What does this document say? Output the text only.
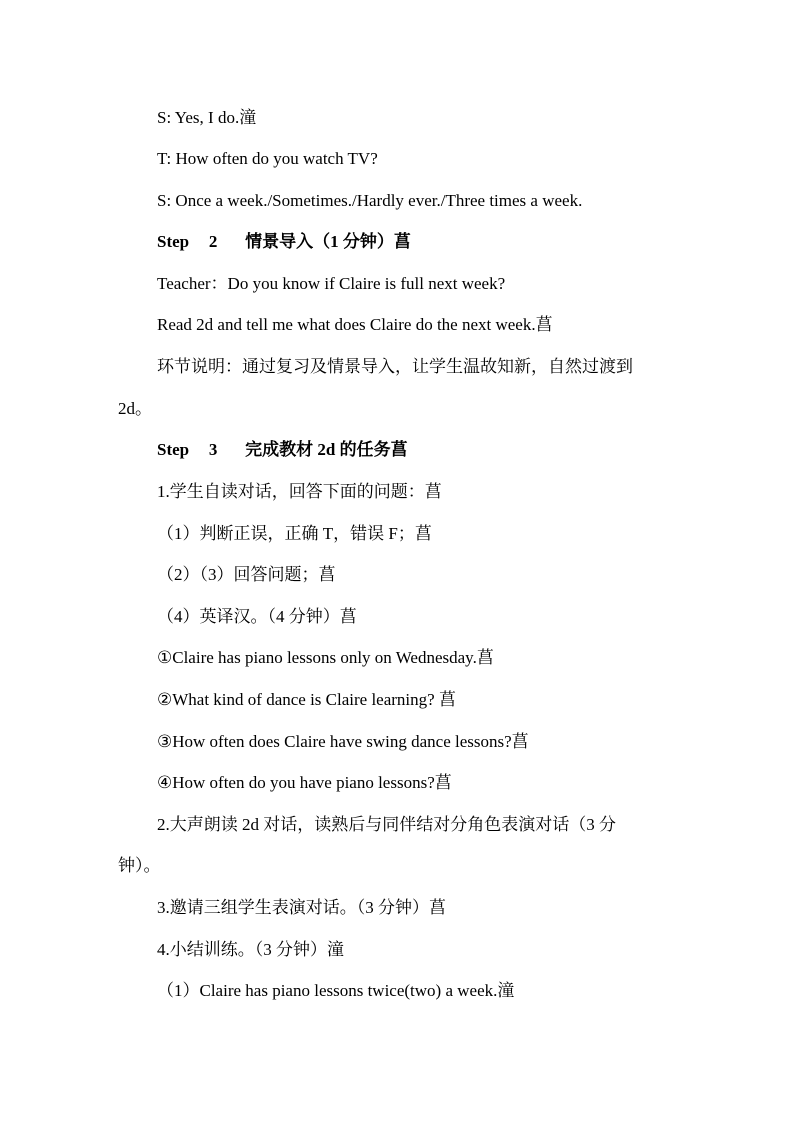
S: Yes, I do.潼
T: How often do you watch TV?
S: Once a week./Sometimes./Hardly ever./Three times a week.
Step 2 情景导入（1 分钟）菖
Teacher：Do you know if Claire is full next week?
Read 2d and tell me what does Claire do the next week.菖
环节说明：通过复习及情景导入，让学生温故知新，自然过渡到
2d。
Step 3 完成教材 2d 的任务菖
1.学生自读对话，回答下面的问题：菖
（1）判断正误，正确 T，错误 F；菖
（2）（3）回答问题；菖
（4）英译汉。（4 分钟）菖
①Claire has piano lessons only on Wednesday.菖
②What kind of dance is Claire learning? 菖
③How often does Claire have swing dance lessons?菖
④How often do you have piano lessons?菖
2.大声朗读 2d 对话，读熟后与同伴结对分角色表演对话（3 分
钟）。
3.邀请三组学生表演对话。（3 分钟）菖
4.小结训练。（3 分钟）潼
（1）Claire has piano lessons twice(two) a week.潼
